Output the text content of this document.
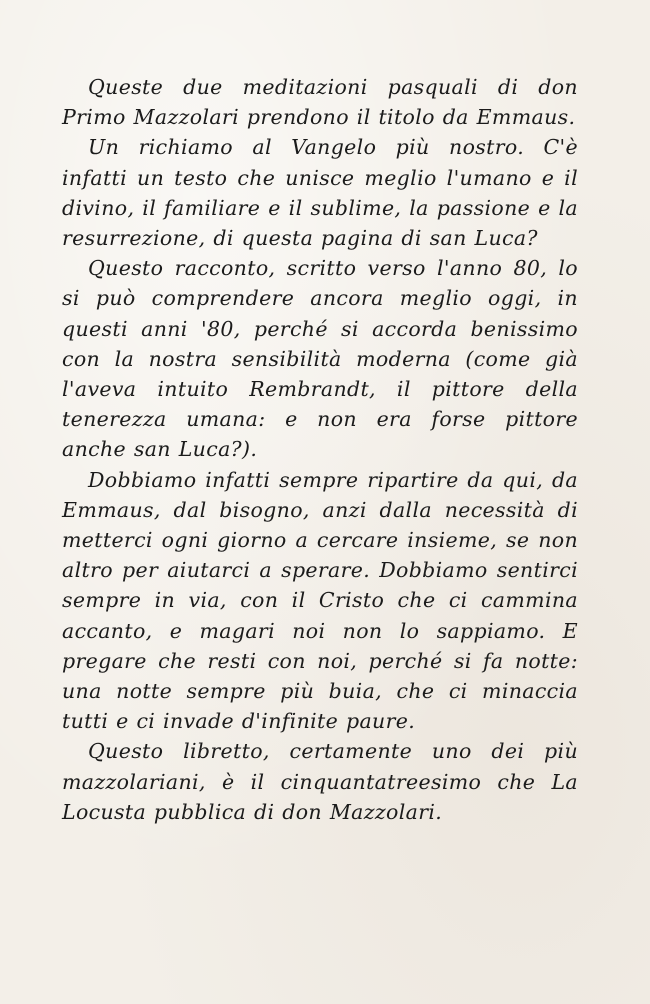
Queste due meditazioni pasquali di don Primo Mazzolari prendono il titolo da Emmaus.

Un richiamo al Vangelo più nostro. C'è infatti un testo che unisce meglio l'umano e il divino, il familiare e il sublime, la passione e la resurrezione, di questa pagina di san Luca?

Questo racconto, scritto verso l'anno 80, lo si può comprendere ancora meglio oggi, in questi anni '80, perché si accorda benissimo con la nostra sensibilità moderna (come già l'aveva intuito Rembrandt, il pittore della tenerezza umana: e non era forse pittore anche san Luca?).

Dobbiamo infatti sempre ripartire da qui, da Emmaus, dal bisogno, anzi dalla necessità di metterci ogni giorno a cercare insieme, se non altro per aiutarci a sperare. Dobbiamo sentirci sempre in via, con il Cristo che ci cammina accanto, e magari noi non lo sappiamo. E pregare che resti con noi, perché si fa notte: una notte sempre più buia, che ci minaccia tutti e ci invade d'infinite paure.

Questo libretto, certamente uno dei più mazzolariani, è il cinquantatreesimo che La Locusta pubblica di don Mazzolari.
